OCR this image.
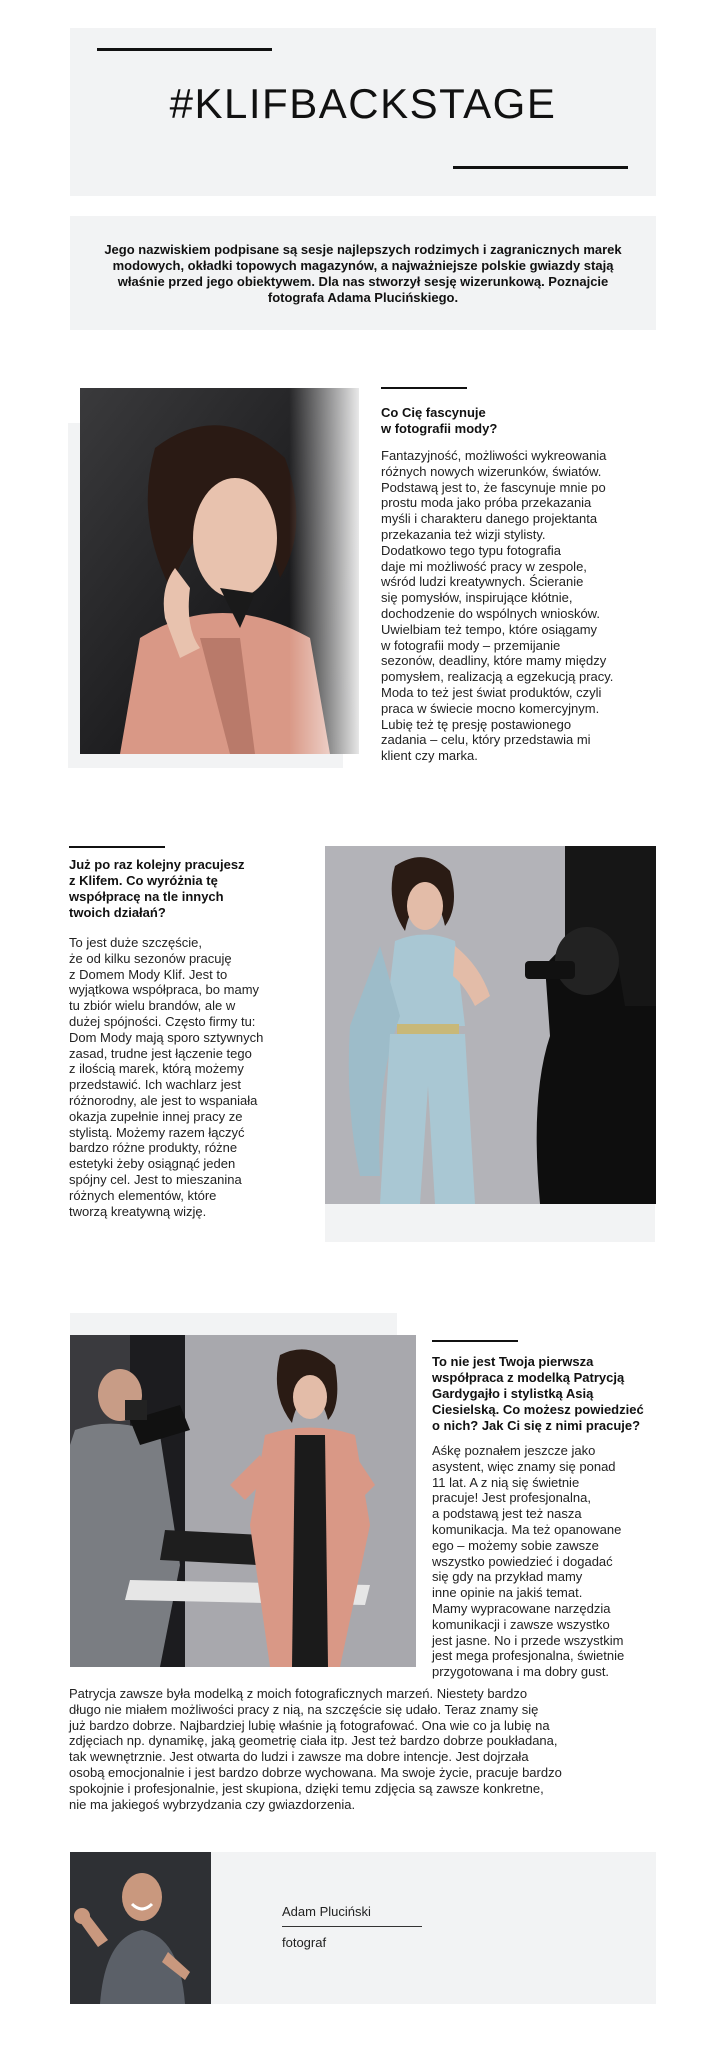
#KLIFBACKSTAGE
Jego nazwiskiem podpisane są sesje najlepszych rodzimych i zagranicznych marek modowych, okładki topowych magazynów, a najważniejsze polskie gwiazdy stają właśnie przed jego obiektywem. Dla nas stworzył sesję wizerunkową. Poznajcie fotografa Adama Plucińskiego.
Co Cię fascynuje
w fotografii mody?
Fantazyjność, możliwości wykreowania
różnych nowych wizerunków, światów.
Podstawą jest to, że fascynuje mnie po
prostu moda jako próba przekazania
myśli i charakteru danego projektanta
przekazania też wizji stylisty.
Dodatkowo tego typu fotografia
daje mi możliwość pracy w zespole,
wśród ludzi kreatywnych. Ścieranie
się pomysłów, inspirujące kłótnie,
dochodzenie do wspólnych wniosków.
Uwielbiam też tempo, które osiągamy
w fotografii mody – przemijanie
sezonów, deadliny, które mamy między
pomysłem, realizacją a egzekucją pracy.
Moda to też jest świat produktów, czyli
praca w świecie mocno komercyjnym.
Lubię też tę presję postawionego
zadania – celu, który przedstawia mi
klient czy marka.
Już po raz kolejny pracujesz
z Klifem. Co wyróżnia tę
współpracę na tle innych
twoich działań?
To jest duże szczęście,
że od kilku sezonów pracuję
z Domem Mody Klif. Jest to
wyjątkowa współpraca, bo mamy
tu zbiór wielu brandów, ale w
dużej spójności. Często firmy tu:
Dom Mody mają sporo sztywnych
zasad, trudne jest łączenie tego
z ilością marek, którą możemy
przedstawić. Ich wachlarz jest
różnorodny, ale jest to wspaniała
okazja zupełnie innej pracy ze
stylistą. Możemy razem łączyć
bardzo różne produkty, różne
estetyki żeby osiągnąć jeden
spójny cel. Jest to mieszanina
różnych elementów, które
tworzą kreatywną wizję.
To nie jest Twoja pierwsza
współpraca z modelką Patrycją
Gardygajło i stylistką Asią
Ciesielską. Co możesz powiedzieć
o nich? Jak Ci się z nimi pracuje?
Aśkę poznałem jeszcze jako
asystent, więc znamy się ponad
11 lat. A z nią się świetnie
pracuje! Jest profesjonalna,
a podstawą jest też nasza
komunikacja. Ma też opanowane
ego – możemy sobie zawsze
wszystko powiedzieć i dogadać
się gdy na przykład mamy
inne opinie na jakiś temat.
Mamy wypracowane narzędzia
komunikacji i zawsze wszystko
jest jasne. No i przede wszystkim
jest mega profesjonalna, świetnie
przygotowana i ma dobry gust.
Patrycja zawsze była modelką z moich fotograficznych marzeń. Niestety bardzo
długo nie miałem możliwości pracy z nią, na szczęście się udało. Teraz znamy się
już bardzo dobrze. Najbardziej lubię właśnie ją fotografować. Ona wie co ja lubię na
zdjęciach np. dynamikę, jaką geometrię ciała itp. Jest też bardzo dobrze poukładana,
tak wewnętrznie. Jest otwarta do ludzi i zawsze ma dobre intencje. Jest dojrzała
osobą emocjonalnie i jest bardzo dobrze wychowana. Ma swoje życie, pracuje bardzo
spokojnie i profesjonalnie, jest skupiona, dzięki temu zdjęcia są zawsze konkretne,
nie ma jakiegoś wybrzydzania czy gwiazdorzenia.
Adam Pluciński
fotograf
